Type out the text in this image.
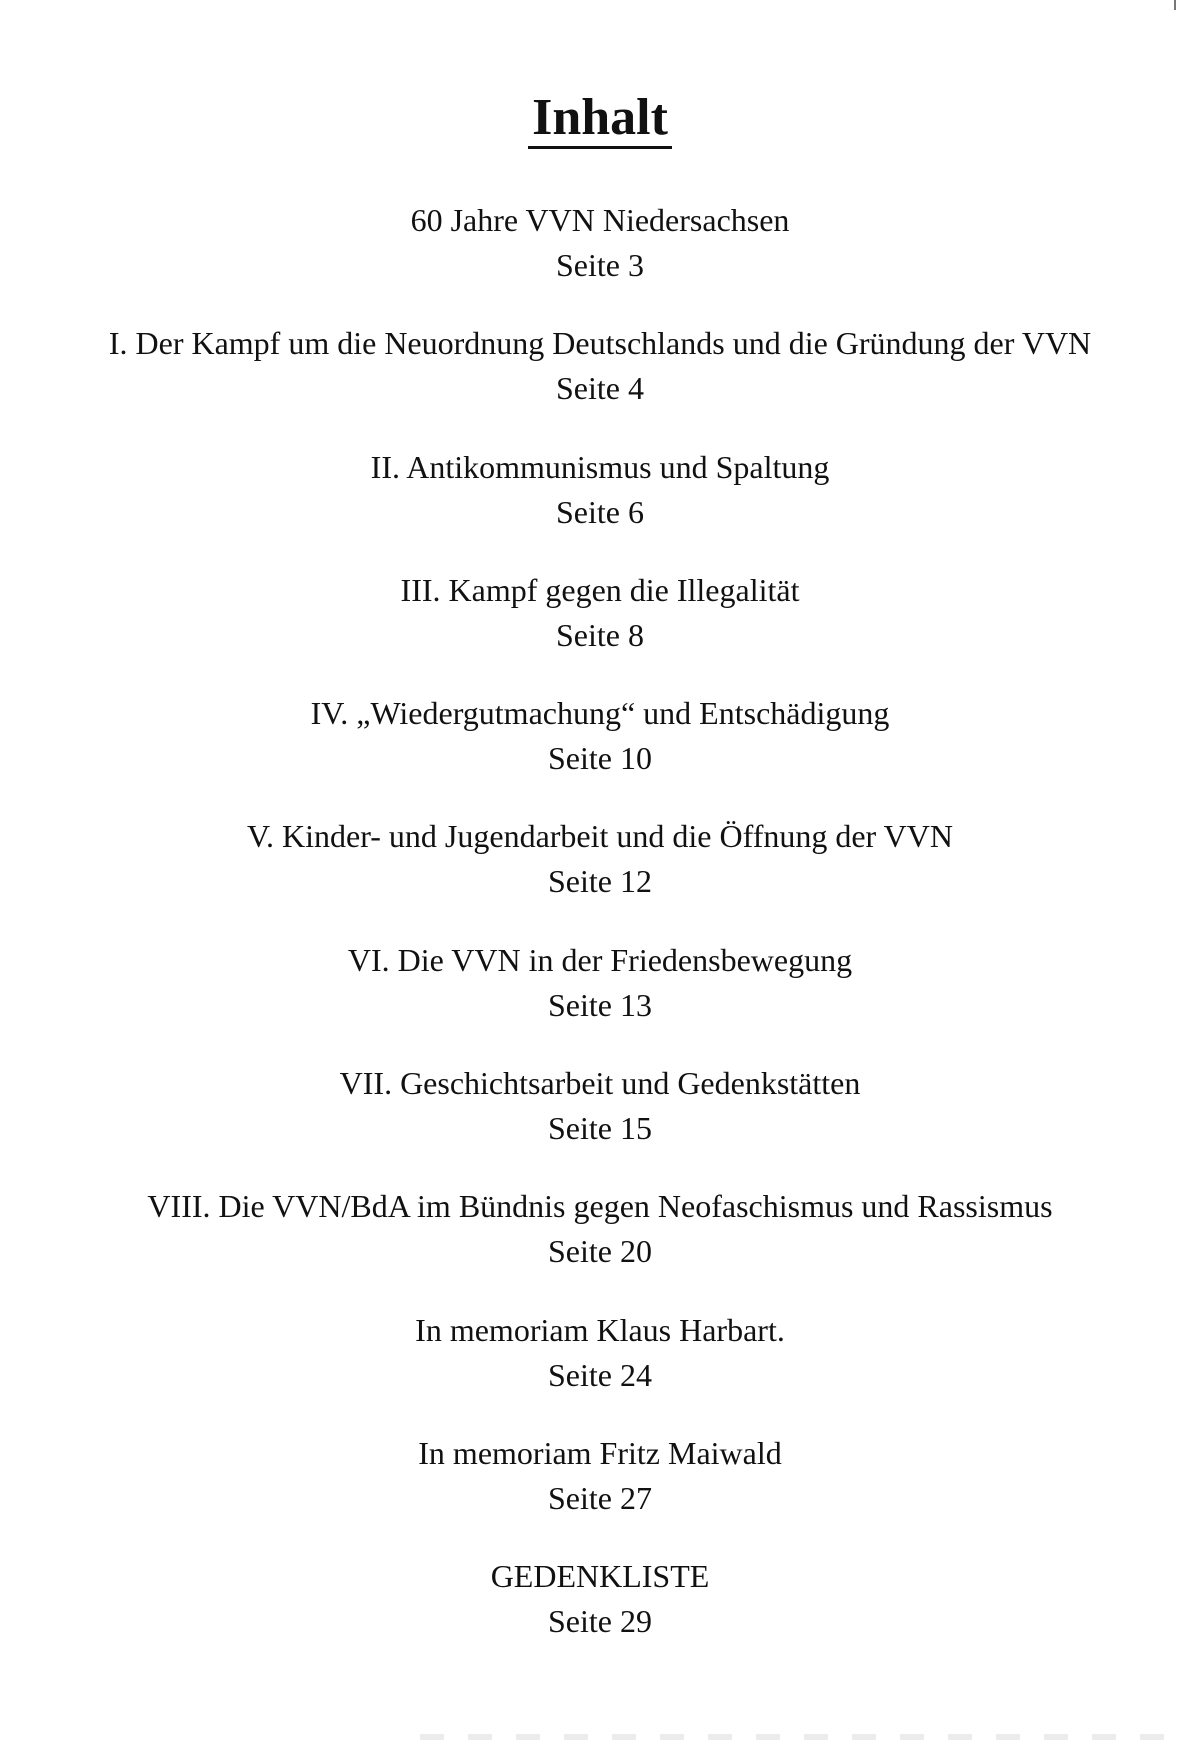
Inhalt
60 Jahre VVN Niedersachsen
Seite 3
I. Der Kampf um die Neuordnung Deutschlands und die Gründung der VVN
Seite 4
II. Antikommunismus und Spaltung
Seite 6
III. Kampf gegen die Illegalität
Seite 8
IV. „Wiedergutmachung“ und Entschädigung
Seite 10
V. Kinder- und Jugendarbeit und die Öffnung der VVN
Seite 12
VI. Die VVN in der Friedensbewegung
Seite 13
VII. Geschichtsarbeit und Gedenkstätten
Seite 15
VIII. Die VVN/BdA im Bündnis gegen Neofaschismus und Rassismus
Seite 20
In memoriam Klaus Harbart.
Seite 24
In memoriam Fritz Maiwald
Seite 27
GEDENKLISTE
Seite 29
